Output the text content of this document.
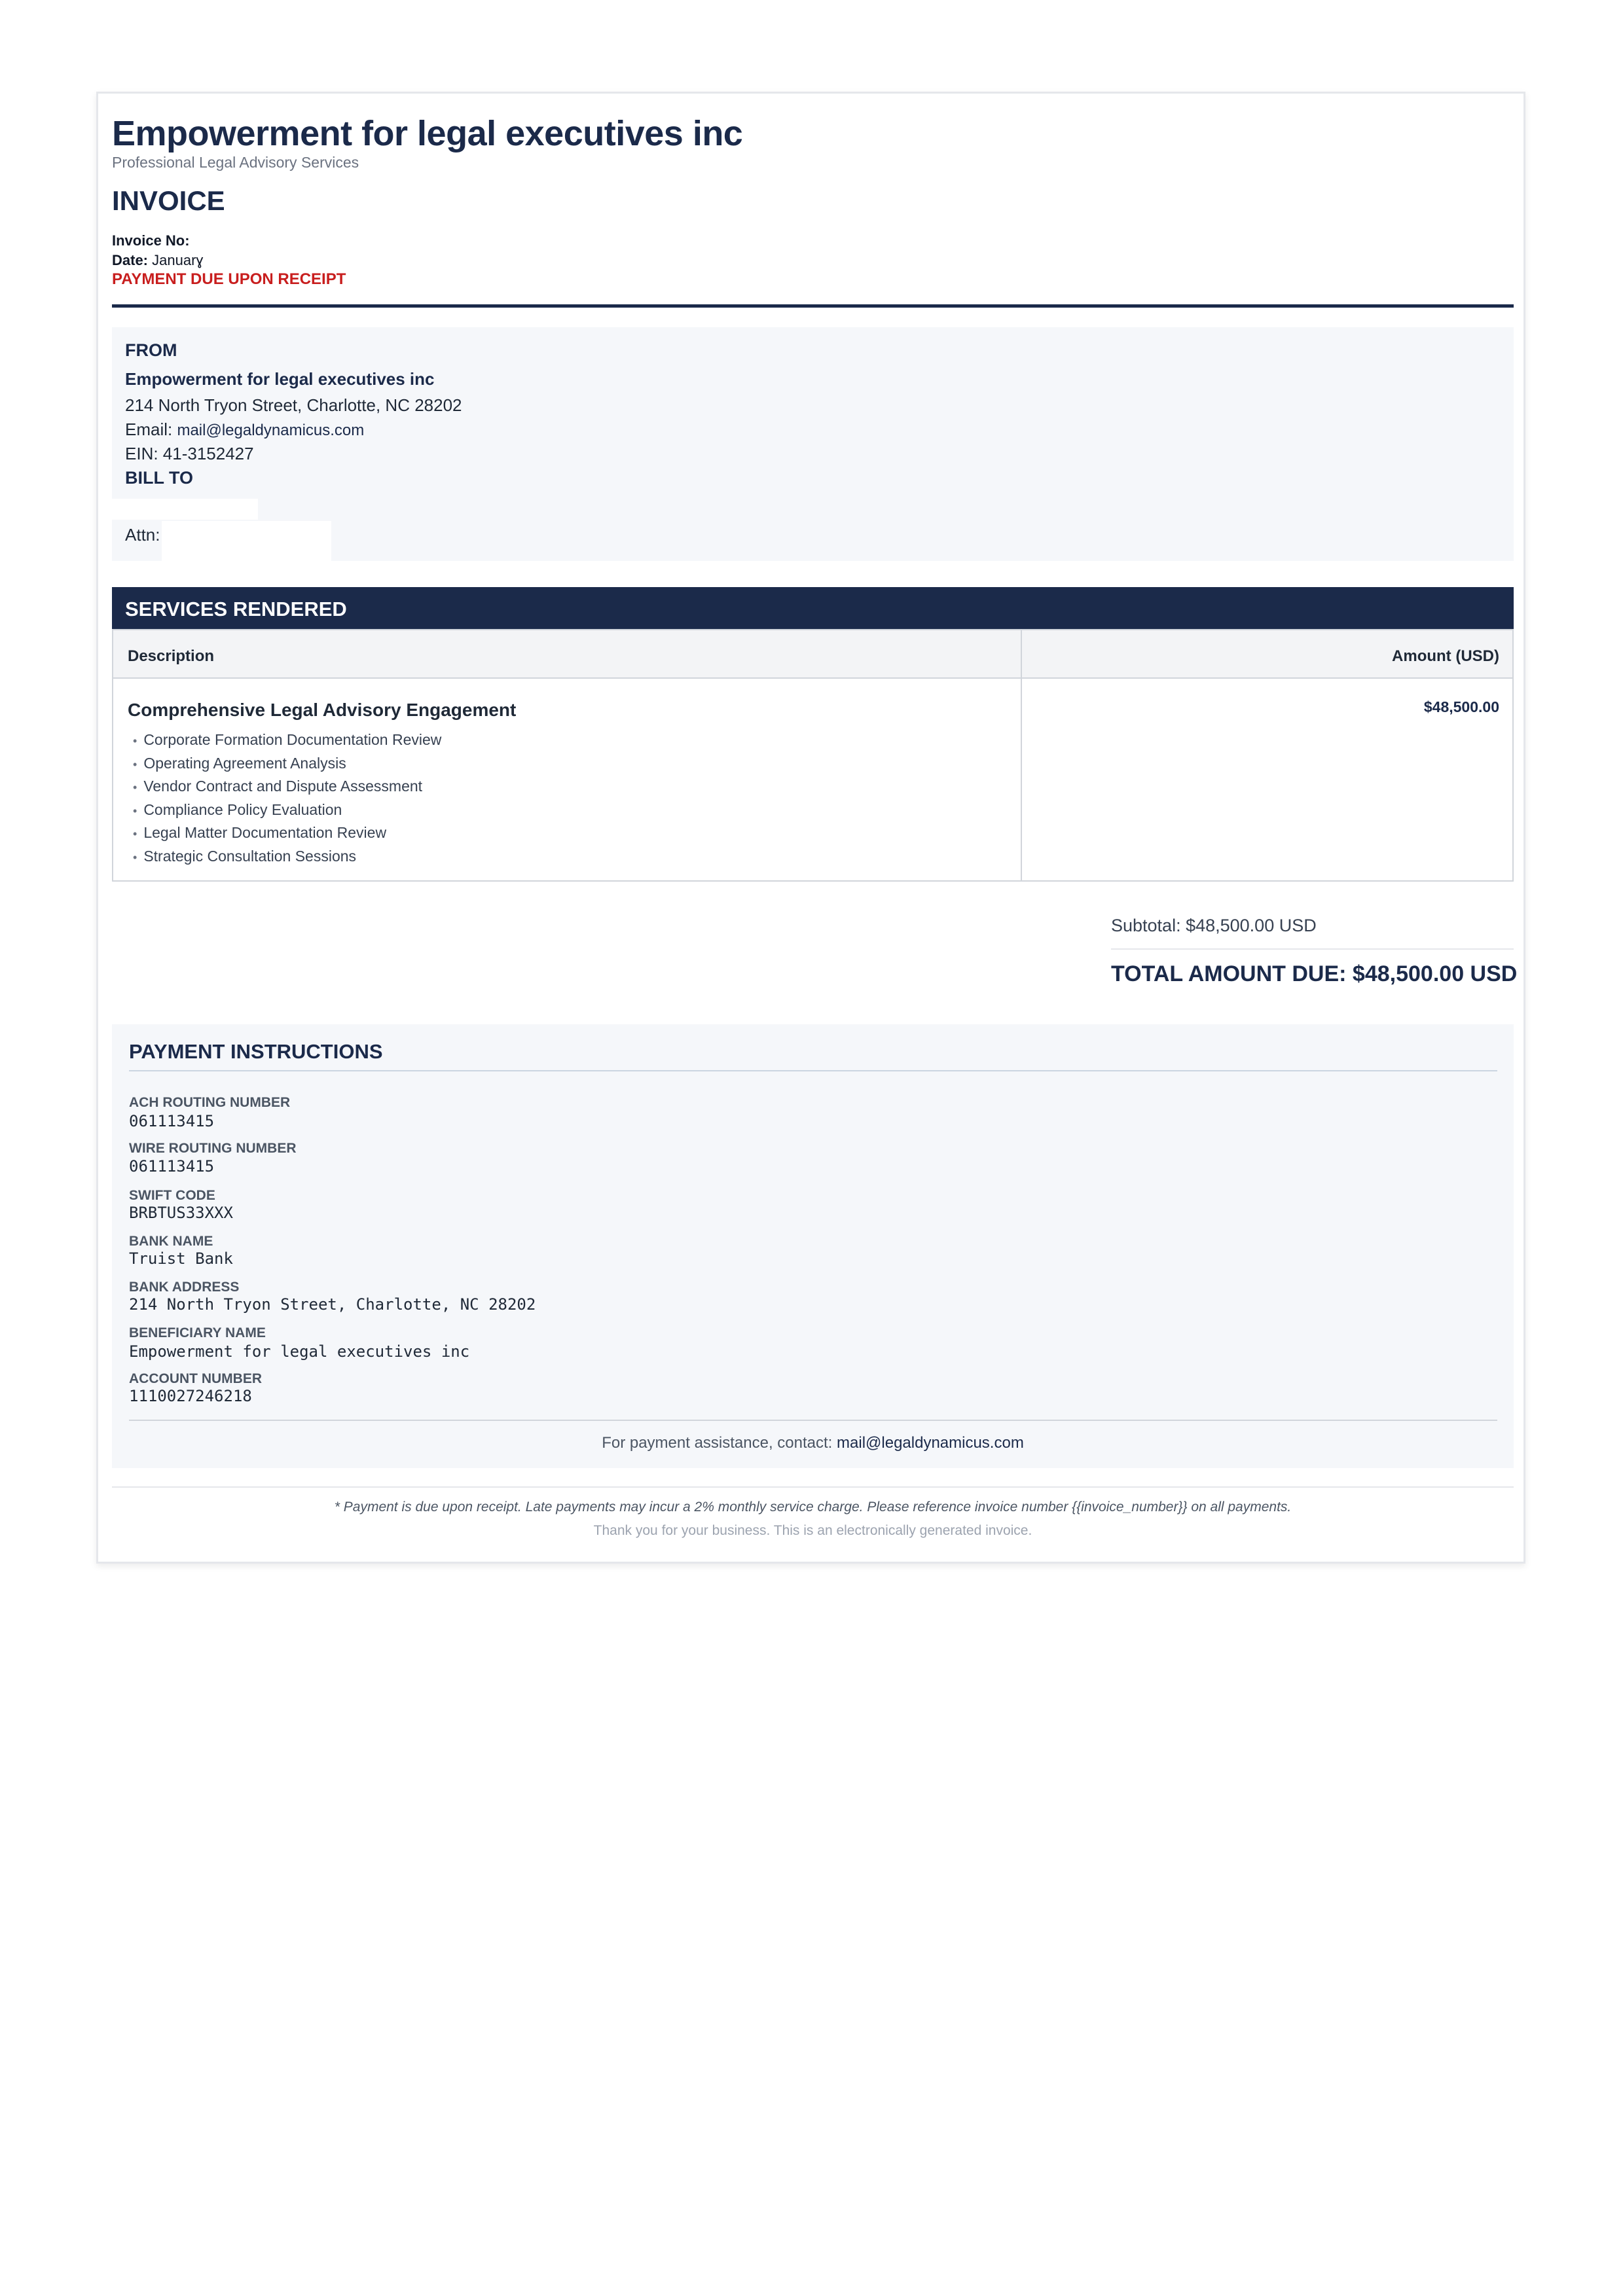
Empowerment for legal executives inc
Professional Legal Advisory Services
INVOICE
Invoice No:
Date: Januarɣ
PAYMENT DUE UPON RECEIPT
FROM
Empowerment for legal executives inc
214 North Tryon Street, Charlotte, NC 28202
Email: mail@legaldynamicus.com
EIN: 41-3152427
BILL TO
Attn:
SERVICES RENDERED
Description	Amount (USD)
Comprehensive Legal Advisory Engagement
• Corporate Formation Documentation Review
• Operating Agreement Analysis
• Vendor Contract and Dispute Assessment
• Compliance Policy Evaluation
• Legal Matter Documentation Review
• Strategic Consultation Sessions
$48,500.00
Subtotal: $48,500.00 USD
TOTAL AMOUNT DUE: $48,500.00 USD
PAYMENT INSTRUCTIONS
ACH ROUTING NUMBER
061113415
WIRE ROUTING NUMBER
061113415
SWIFT CODE
BRBTUS33XXX
BANK NAME
Truist Bank
BANK ADDRESS
214 North Tryon Street, Charlotte, NC 28202
BENEFICIARY NAME
Empowerment for legal executives inc
ACCOUNT NUMBER
1110027246218
For payment assistance, contact: mail@legaldynamicus.com
* Payment is due upon receipt. Late payments may incur a 2% monthly service charge. Please reference invoice number {{invoice_number}} on all payments.
Thank you for your business. This is an electronically generated invoice.
